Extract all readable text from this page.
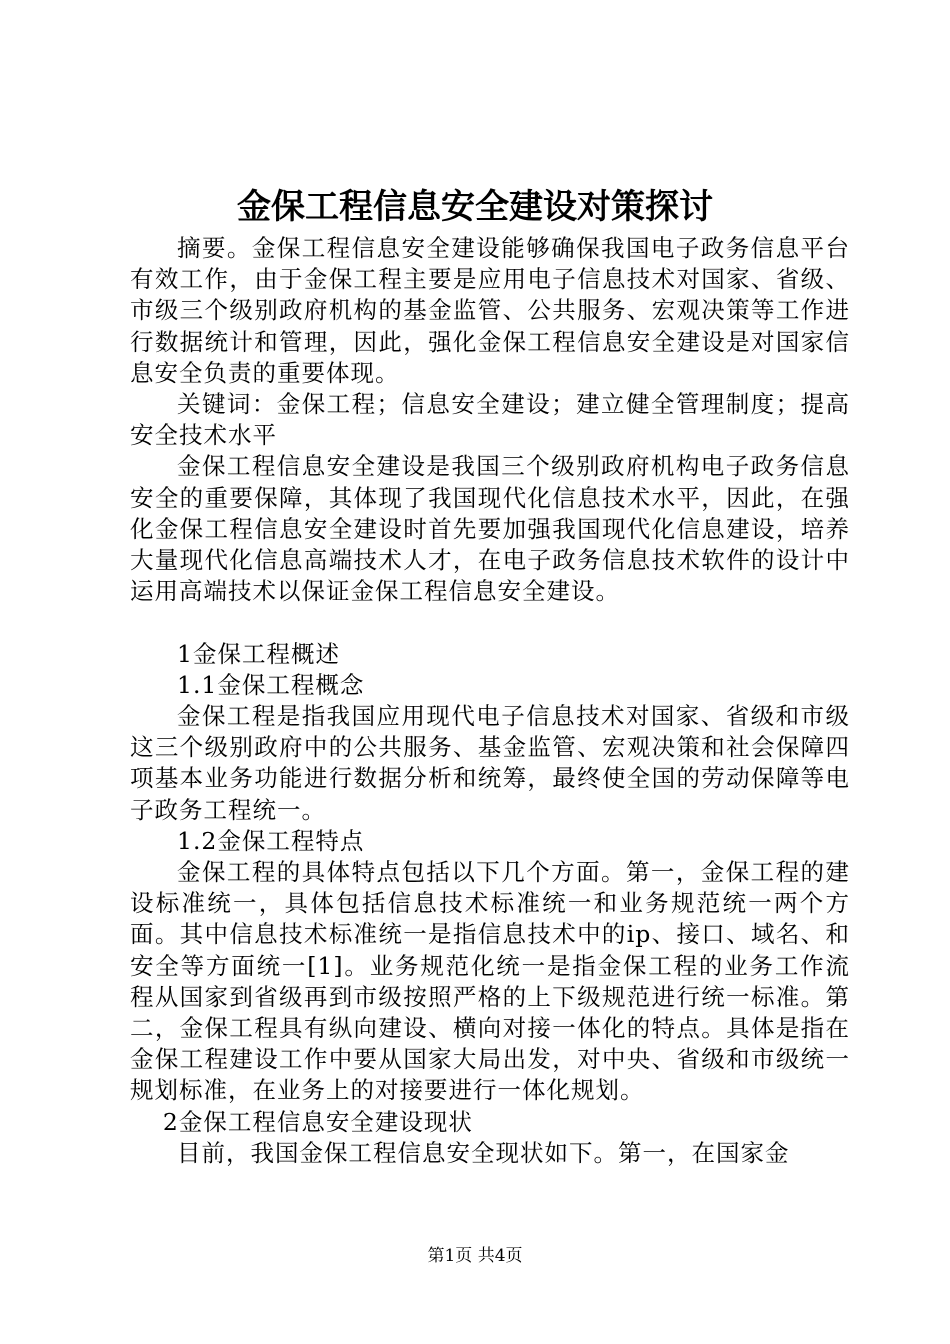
金保工程信息安全建设对策探讨

摘要。金保工程信息安全建设能够确保我国电子政务信息平台有效工作，由于金保工程主要是应用电子信息技术对国家、省级、市级三个级别政府机构的基金监管、公共服务、宏观决策等工作进行数据统计和管理，因此，强化金保工程信息安全建设是对国家信息安全负责的重要体现。

关键词：金保工程；信息安全建设；建立健全管理制度；提高安全技术水平

金保工程信息安全建设是我国三个级别政府机构电子政务信息安全的重要保障，其体现了我国现代化信息技术水平，因此，在强化金保工程信息安全建设时首先要加强我国现代化信息建设，培养大量现代化信息高端技术人才，在电子政务信息技术软件的设计中运用高端技术以保证金保工程信息安全建设。

1金保工程概述

1.1金保工程概念

金保工程是指我国应用现代电子信息技术对国家、省级和市级这三个级别政府中的公共服务、基金监管、宏观决策和社会保障四项基本业务功能进行数据分析和统筹，最终使全国的劳动保障等电子政务工程统一。

1.2金保工程特点

金保工程的具体特点包括以下几个方面。第一，金保工程的建设标准统一，具体包括信息技术标准统一和业务规范统一两个方面。其中信息技术标准统一是指信息技术中的ip、接口、域名、和安全等方面统一[1]。业务规范化统一是指金保工程的业务工作流程从国家到省级再到市级按照严格的上下级规范进行统一标准。第二，金保工程具有纵向建设、横向对接一体化的特点。具体是指在金保工程建设工作中要从国家大局出发，对中央、省级和市级统一规划标准，在业务上的对接要进行一体化规划。

2金保工程信息安全建设现状

目前，我国金保工程信息安全现状如下。第一，在国家金

第1页 共4页
